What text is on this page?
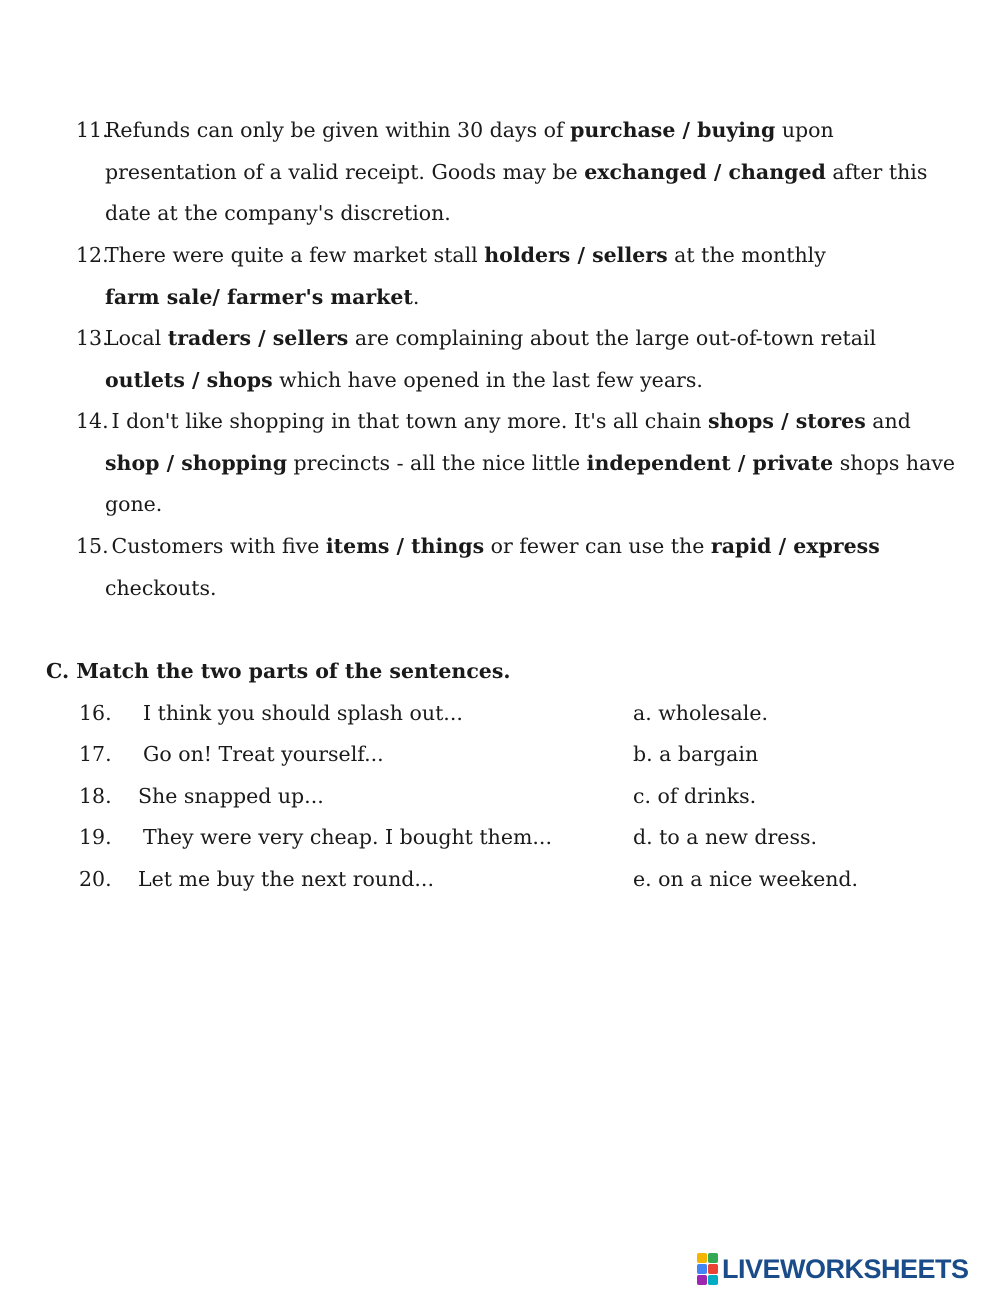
11.Refunds can only be given within 30 days of purchase / buying upon
presentation of a valid receipt. Goods may be exchanged / changed after this
date at the company's discretion.
12.There were quite a few market stall holders / sellers at the monthly
farm sale/ farmer's market.
13.Local traders / sellers are complaining about the large out-of-town retail
outlets / shops which have opened in the last few years.
14. I don't like shopping in that town any more. It's all chain shops / stores and
shop / shopping precincts - all the nice little independent / private shops have
gone.
15. Customers with five items / things or fewer can use the rapid / express
checkouts.
C. Match the two parts of the sentences.
16. I think you should splash out...	a. wholesale.
17. Go on! Treat yourself...	b. a bargain
18. She snapped up...	c. of drinks.
19. They were very cheap. I bought them...	d. to a new dress.
20. Let me buy the next round...	e. on a nice weekend.
LIVEWORKSHEETS
